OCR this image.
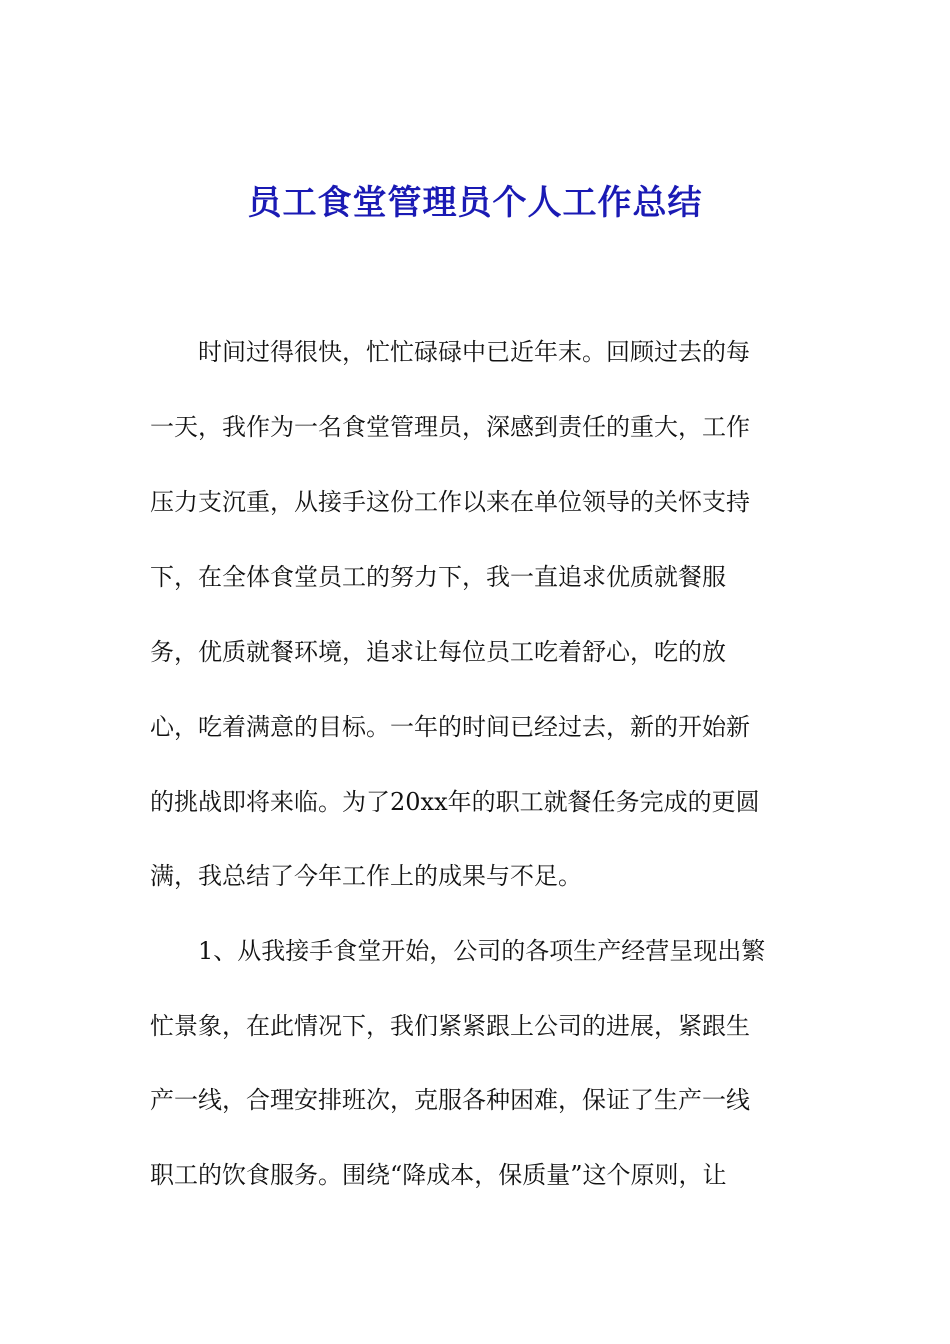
员工食堂管理员个人工作总结

时间过得很快，忙忙碌碌中已近年末。回顾过去的每

一天，我作为一名食堂管理员，深感到责任的重大，工作

压力支沉重，从接手这份工作以来在单位领导的关怀支持

下，在全体食堂员工的努力下，我一直追求优质就餐服

务，优质就餐环境，追求让每位员工吃着舒心，吃的放

心，吃着满意的目标。一年的时间已经过去，新的开始新

的挑战即将来临。为了20xx年的职工就餐任务完成的更圆

满，我总结了今年工作上的成果与不足。

1、从我接手食堂开始，公司的各项生产经营呈现出繁

忙景象，在此情况下，我们紧紧跟上公司的进展，紧跟生

产一线，合理安排班次，克服各种困难，保证了生产一线

职工的饮食服务。围绕“降成本，保质量”这个原则，让
